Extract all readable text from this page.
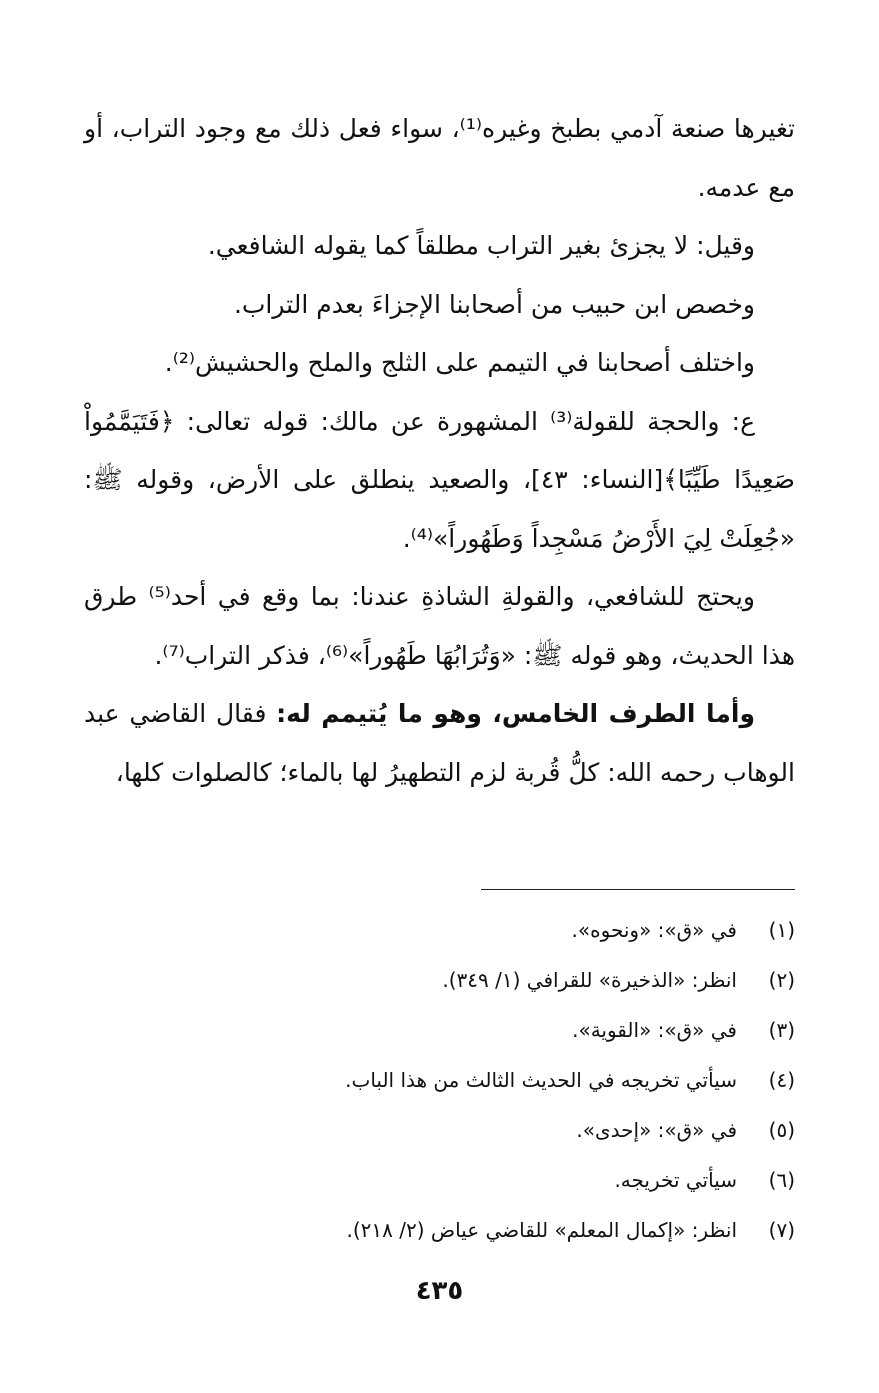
تغيرها صنعة آدمي بطبخ وغيره⁽¹⁾، سواء فعل ذلك مع وجود التراب، أو مع عدمه.

وقيل: لا يجزئ بغير التراب مطلقاً كما يقوله الشافعي.

وخصص ابن حبيب من أصحابنا الإجزاءَ بعدم التراب.

واختلف أصحابنا في التيمم على الثلج والملح والحشيش⁽²⁾.

ع: والحجة للقولة⁽³⁾ المشهورة عن مالك: قوله تعالى: ﴿فَتَيَمَّمُواْ صَعِيدًا طَيِّبًا﴾[النساء: ٤٣]، والصعيد ينطلق على الأرض، وقوله ﷺ: «جُعِلَتْ لِيَ الأَرْضُ مَسْجِداً وَطَهُوراً»⁽⁴⁾.

ويحتج للشافعي، والقولةِ الشاذةِ عندنا: بما وقع في أحد⁽⁵⁾ طرق هذا الحديث، وهو قوله ﷺ: «وَتُرَابُهَا طَهُوراً»⁽⁶⁾، فذكر التراب⁽⁷⁾.

وأما الطرف الخامس، وهو ما يُتيمم له: فقال القاضي عبد الوهاب رحمه الله: كلُّ قُربة لزم التطهيرُ لها بالماء؛ كالصلوات كلها،

(١)
في «ق»: «ونحوه».
(٢)
انظر: «الذخيرة» للقرافي (١/ ٣٤٩).
(٣)
في «ق»: «القوية».
(٤)
سيأتي تخريجه في الحديث الثالث من هذا الباب.
(٥)
في «ق»: «إحدى».
(٦)
سيأتي تخريجه.
(٧)
انظر: «إكمال المعلم» للقاضي عياض (٢/ ٢١٨).
٤٣٥
